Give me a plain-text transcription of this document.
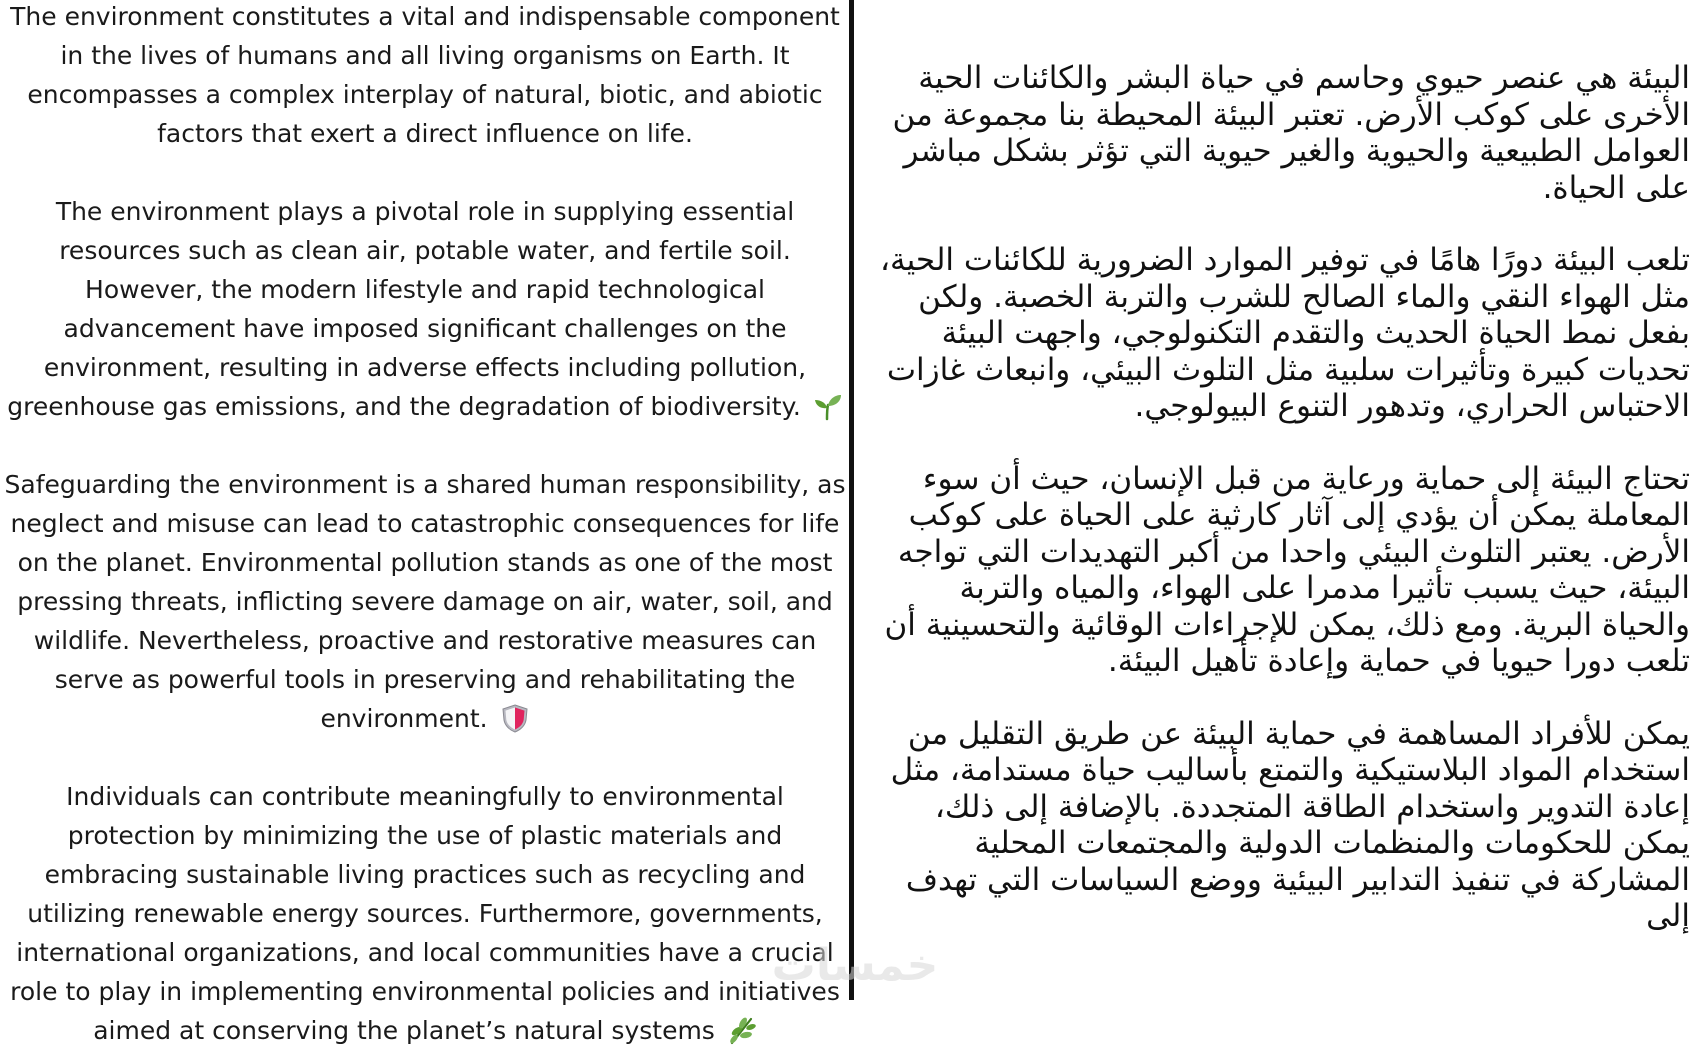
The environment constitutes a vital and indispensable component in the lives of humans and all living organisms on Earth. It encompasses a complex interplay of natural, biotic, and abiotic factors that exert a direct influence on life.

The environment plays a pivotal role in supplying essential resources such as clean air, potable water, and fertile soil. However, the modern lifestyle and rapid technological advancement have imposed significant challenges on the environment, resulting in adverse effects including pollution, greenhouse gas emissions, and the degradation of biodiversity.

Safeguarding the environment is a shared human responsibility, as neglect and misuse can lead to catastrophic consequences for life on the planet. Environmental pollution stands as one of the most pressing threats, inflicting severe damage on air, water, soil, and wildlife. Nevertheless, proactive and restorative measures can serve as powerful tools in preserving and rehabilitating the environment.

Individuals can contribute meaningfully to environmental protection by minimizing the use of plastic materials and embracing sustainable living practices such as recycling and utilizing renewable energy sources. Furthermore, governments, international organizations, and local communities have a crucial role to play in implementing environmental policies and initiatives aimed at conserving the planet’s natural systems

البيئة هي عنصر حيوي وحاسم في حياة البشر والكائنات الحية الأخرى على كوكب الأرض. تعتبر البيئة المحيطة بنا مجموعة من العوامل الطبيعية والحيوية والغير حيوية التي تؤثر بشكل مباشر على الحياة.

تلعب البيئة دورًا هامًا في توفير الموارد الضرورية للكائنات الحية، مثل الهواء النقي والماء الصالح للشرب والتربة الخصبة. ولكن بفعل نمط الحياة الحديث والتقدم التكنولوجي، واجهت البيئة تحديات كبيرة وتأثيرات سلبية مثل التلوث البيئي، وانبعاث غازات الاحتباس الحراري، وتدهور التنوع البيولوجي.

تحتاج البيئة إلى حماية ورعاية من قبل الإنسان، حيث أن سوء المعاملة يمكن أن يؤدي إلى آثار كارثية على الحياة على كوكب الأرض. يعتبر التلوث البيئي واحدا من أكبر التهديدات التي تواجه البيئة، حيث يسبب تأثيرا مدمرا على الهواء، والمياه والتربة والحياة البرية. ومع ذلك، يمكن للإجراءات الوقائية والتحسينية أن تلعب دورا حيويا في حماية وإعادة تأهيل البيئة.

يمكن للأفراد المساهمة في حماية البيئة عن طريق التقليل من استخدام المواد البلاستيكية والتمتع بأساليب حياة مستدامة، مثل إعادة التدوير واستخدام الطاقة المتجددة. بالإضافة إلى ذلك، يمكن للحكومات والمنظمات الدولية والمجتمعات المحلية المشاركة في تنفيذ التدابير البيئية ووضع السياسات التي تهدف إلى

خمسات
